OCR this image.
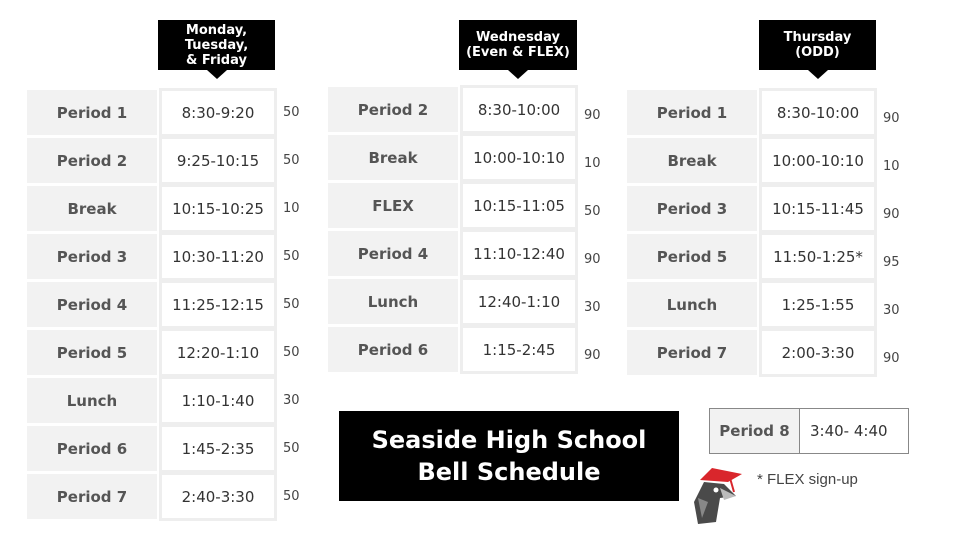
Monday,
Tuesday,
& Friday
Wednesday
(Even & FLEX)
Thursday
(ODD)
Period 1	8:30-9:20	50
Period 2	9:25-10:15	50
Break	10:15-10:25	10
Period 3	10:30-11:20	50
Period 4	11:25-12:15	50
Period 5	12:20-1:10	50
Lunch	1:10-1:40	30
Period 6	1:45-2:35	50
Period 7	2:40-3:30	50
Period 2	8:30-10:00	90
Break	10:00-10:10	10
FLEX	10:15-11:05	50
Period 4	11:10-12:40	90
Lunch	12:40-1:10	30
Period 6	1:15-2:45	90
Period 1	8:30-10:00	90
Break	10:00-10:10	10
Period 3	10:15-11:45	90
Period 5	11:50-1:25*	95
Lunch	1:25-1:55	30
Period 7	2:00-3:30	90
Seaside High School
Bell Schedule
Period 8	3:40- 4:40
* FLEX sign-up
